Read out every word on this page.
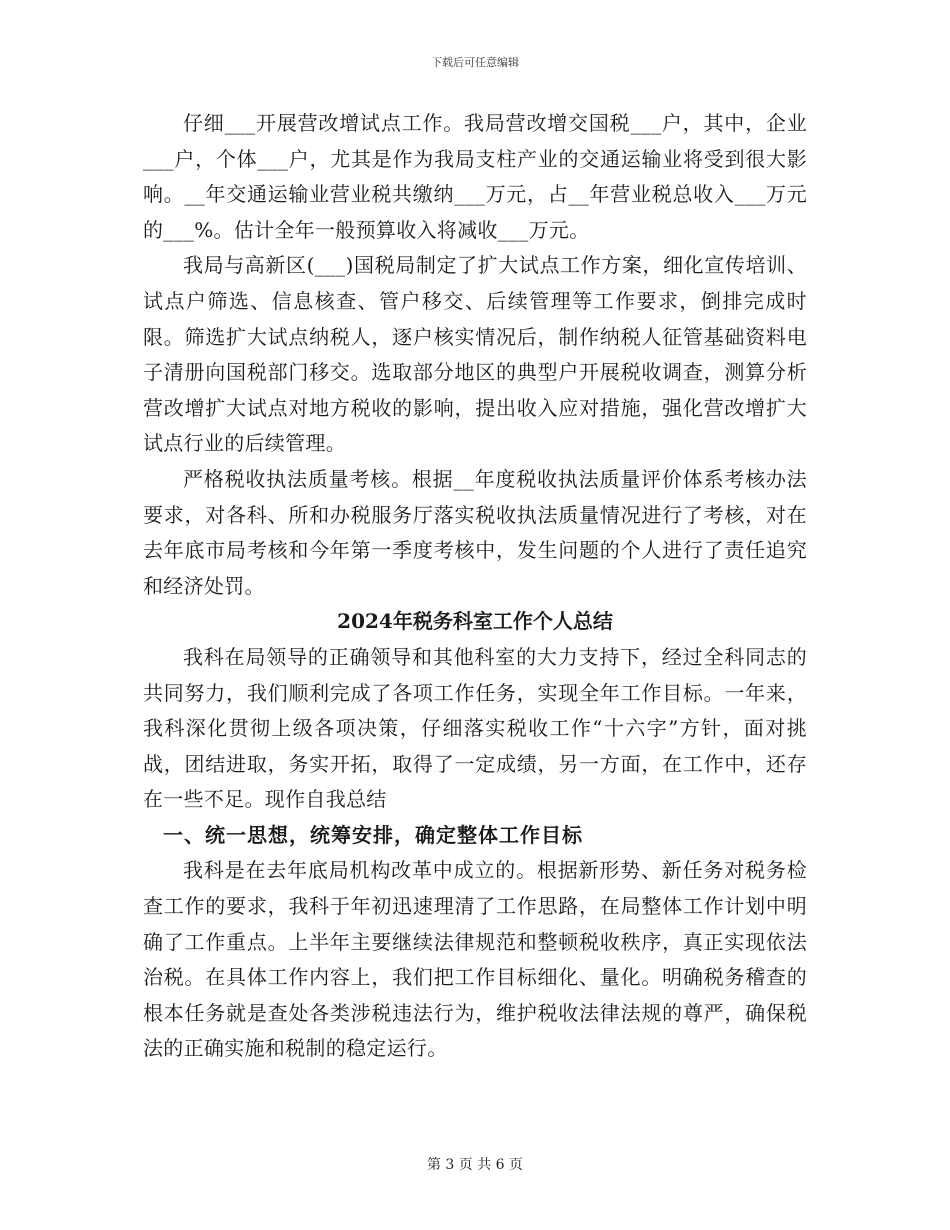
下载后可任意编辑

仔细___开展营改增试点工作。我局营改增交国税___户，其中，企业___户，个体___户，尤其是作为我局支柱产业的交通运输业将受到很大影响。__年交通运输业营业税共缴纳___万元，占__年营业税总收入___万元的___%。估计全年一般预算收入将减收___万元。

我局与高新区(___)国税局制定了扩大试点工作方案，细化宣传培训、试点户筛选、信息核查、管户移交、后续管理等工作要求，倒排完成时限。筛选扩大试点纳税人，逐户核实情况后，制作纳税人征管基础资料电子清册向国税部门移交。选取部分地区的典型户开展税收调查，测算分析营改增扩大试点对地方税收的影响，提出收入应对措施，强化营改增扩大试点行业的后续管理。

严格税收执法质量考核。根据__年度税收执法质量评价体系考核办法要求，对各科、所和办税服务厅落实税收执法质量情况进行了考核，对在去年底市局考核和今年第一季度考核中，发生问题的个人进行了责任追究和经济处罚。

2024年税务科室工作个人总结

我科在局领导的正确领导和其他科室的大力支持下，经过全科同志的共同努力，我们顺利完成了各项工作任务，实现全年工作目标。一年来，我科深化贯彻上级各项决策，仔细落实税收工作“十六字”方针，面对挑战，团结进取，务实开拓，取得了一定成绩，另一方面，在工作中，还存在一些不足。现作自我总结

一、统一思想，统筹安排，确定整体工作目标

我科是在去年底局机构改革中成立的。根据新形势、新任务对税务检查工作的要求，我科于年初迅速理清了工作思路，在局整体工作计划中明确了工作重点。上半年主要继续法律规范和整顿税收秩序，真正实现依法治税。在具体工作内容上，我们把工作目标细化、量化。明确税务稽查的根本任务就是查处各类涉税违法行为，维护税收法律法规的尊严，确保税法的正确实施和税制的稳定运行。

第 3 页 共 6 页
